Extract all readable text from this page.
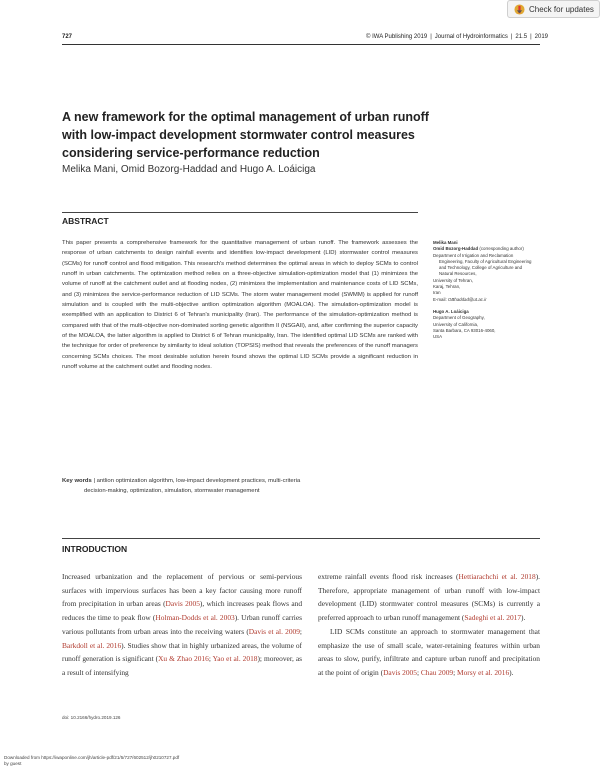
727	© IWA Publishing 2019 | Journal of Hydroinformatics | 21.5 | 2019
Check for updates
A new framework for the optimal management of urban runoff with low-impact development stormwater control measures considering service-performance reduction
Melika Mani, Omid Bozorg-Haddad and Hugo A. Loáiciga
ABSTRACT
This paper presents a comprehensive framework for the quantitative management of urban runoff. The framework assesses the response of urban catchments to design rainfall events and identifies low-impact development (LID) stormwater control measures (SCMs) for runoff control and flood mitigation. This research's method determines the optimal areas in which to deploy SCMs to control runoff in urban catchments. The optimization method relies on a three-objective simulation-optimization model that (1) minimizes the volume of runoff at the catchment outlet and at flooding nodes, (2) minimizes the implementation and maintenance costs of LID SCMs, and (3) minimizes the service-performance reduction of LID SCMs. The storm water management model (SWMM) is applied for runoff simulation and is coupled with the multi-objective antlion optimization algorithm (MOALOA). The simulation-optimization model is exemplified with an application to District 6 of Tehran's municipality (Iran). The performance of the simulation-optimization method is compared with that of the multi-objective non-dominated sorting genetic algorithm II (NSGAII), and, after confirming the superior capacity of the MOALOA, the latter algorithm is applied to District 6 of Tehran municipality, Iran. The identified optimal LID SCMs are ranked with the technique for order of preference by similarity to ideal solution (TOPSIS) method that reveals the preferences of the runoff managers concerning SCMs choices. The most desirable solution herein found shows the optimal LID SCMs provide a significant reduction in runoff volume at the catchment outlet and flooding nodes.
Key words | antlion optimization algorithm, low-impact development practices, multi-criteria
decision-making, optimization, simulation, stormwater management
Melika Mani
Omid Bozorg-Haddad (corresponding author)
Department of Irrigation and Reclamation
Engineering, Faculty of Agricultural Engineering
and Technology, College of Agriculture and
Natural Resources,
University of Tehran,
Karaj, Tehran,
Iran
E-mail: OBhaddad@ut.ac.ir
Hugo A. Loáiciga
Department of Geography,
University of California,
Santa Barbara, CA 93016-4060,
USA
INTRODUCTION

Increased urbanization and the replacement of pervious or semi-pervious surfaces with impervious surfaces has been a key factor causing more runoff from precipitation in urban areas (Davis 2005), which increases peak flows and reduces the time to peak flow (Holman-Dodds et al. 2003). Urban runoff carries various pollutants from urban areas into the receiving waters (Davis et al. 2009; Barkdoll et al. 2016). Studies show that in highly urbanized areas, the volume of runoff generation is significant (Xu & Zhao 2016; Yao et al. 2018); moreover, as a result of intensifying

extreme rainfall events flood risk increases (Hettiarachchi et al. 2018). Therefore, appropriate management of urban runoff with low-impact development (LID) stormwater control measures (SCMs) is currently a preferred approach to urban runoff management (Sadeghi et al. 2017).

LID SCMs constitute an approach to stormwater management that emphasize the use of small scale, water-retaining features within urban areas to slow, purify, infiltrate and capture urban runoff and precipitation at the point of origin (Davis 2005; Chau 2009; Morsy et al. 2016).

doi: 10.2166/hydro.2019.126
Downloaded from https://iwaponline.com/jh/article-pdf/21/5/727/602512/jh0210727.pdf
by guest
